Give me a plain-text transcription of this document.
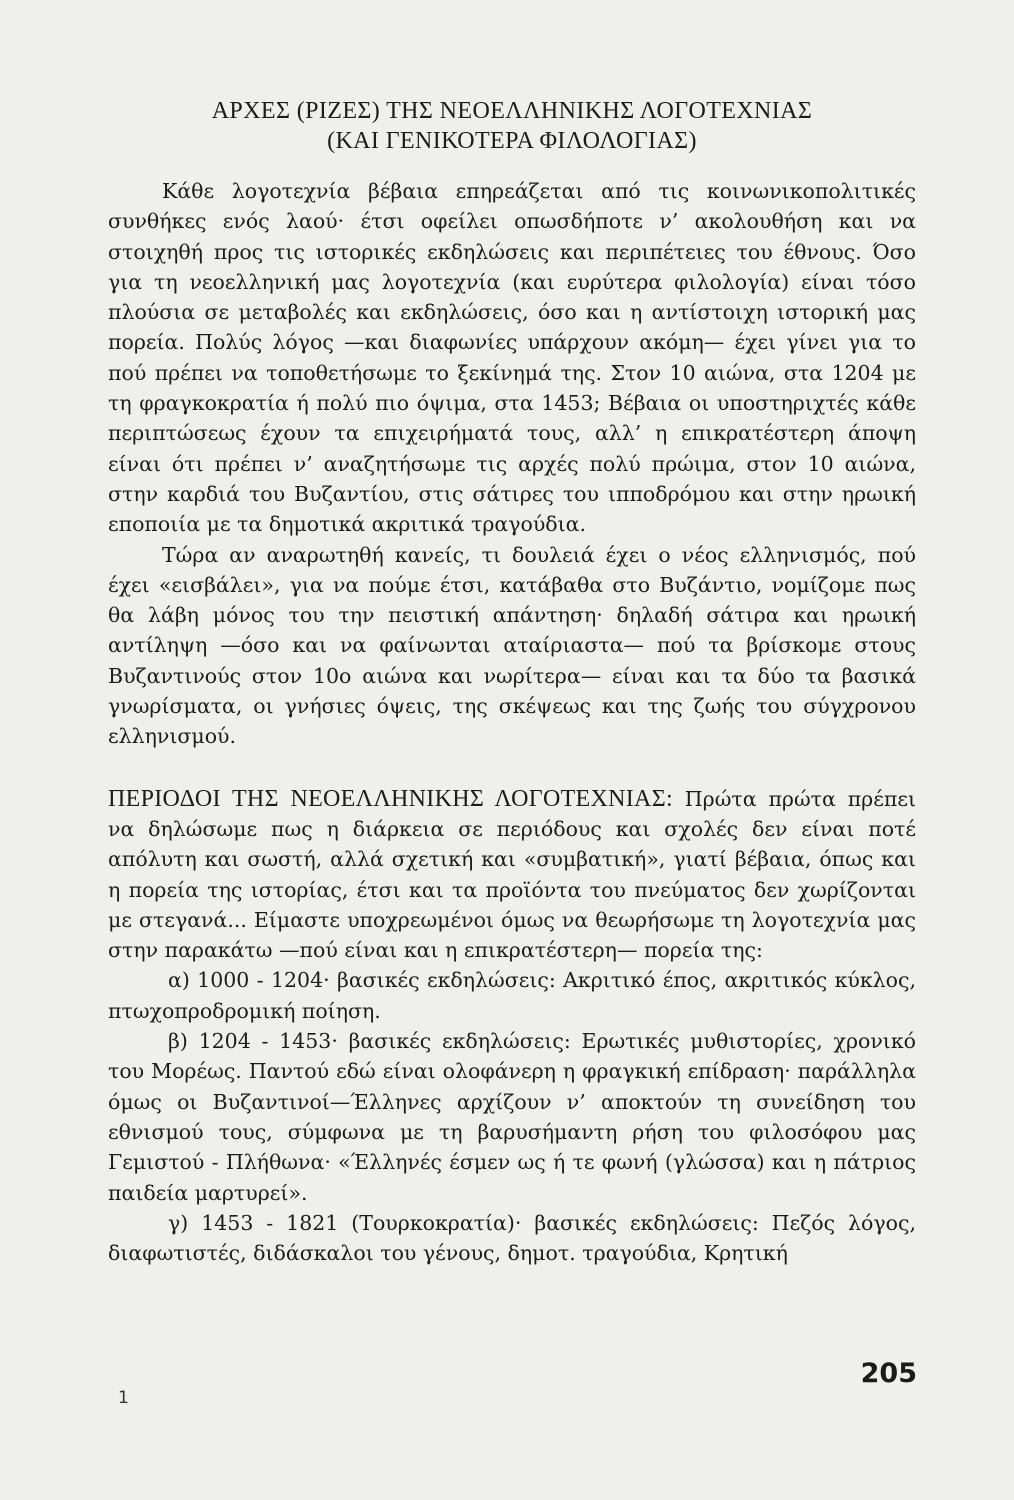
ΑΡΧΕΣ (ΡΙΖΕΣ) ΤΗΣ ΝΕΟΕΛΛΗΝΙΚΗΣ ΛΟΓΟΤΕΧΝΙΑΣ

(ΚΑΙ ΓΕΝΙΚΟΤΕΡΑ ΦΙΛΟΛΟΓΙΑΣ)

Κάθε λογοτεχνία βέβαια επηρεάζεται από τις κοινωνικοπολιτικές συνθήκες ενός λαού· έτσι οφείλει οπωσδήποτε ν’ ακολουθήση και να στοιχηθή προς τις ιστορικές εκδηλώσεις και περιπέτειες του έθνους. Όσο για τη νεοελληνική μας λογοτεχνία (και ευρύτερα φιλολογία) είναι τόσο πλούσια σε μεταβολές και εκδηλώσεις, όσο και η αντίστοιχη ιστορική μας πορεία. Πολύς λόγος —και διαφωνίες υπάρχουν ακόμη— έχει γίνει για το πού πρέπει να τοποθετήσωμε το ξεκίνημά της. Στον 10 αιώνα, στα 1204 με τη φραγκοκρατία ή πολύ πιο όψιμα, στα 1453; Βέβαια οι υποστηριχτές κάθε περιπτώσεως έχουν τα επιχειρήματά τους, αλλ’ η επικρατέστερη άποψη είναι ότι πρέπει ν’ αναζητήσωμε τις αρχές πολύ πρώιμα, στον 10 αιώνα, στην καρδιά του Βυζαντίου, στις σάτιρες του ιπποδρόμου και στην ηρωική εποποιία με τα δημοτικά ακριτικά τραγούδια.

Τώρα αν αναρωτηθή κανείς, τι δουλειά έχει ο νέος ελληνισμός, πού έχει «εισβάλει», για να πούμε έτσι, κατάβαθα στο Βυζάντιο, νομίζομε πως θα λάβη μόνος του την πειστική απάντηση· δηλαδή σάτιρα και ηρωική αντίληψη —όσο και να φαίνωνται αταίριαστα— πού τα βρίσκομε στους Βυζαντινούς στον 10ο αιώνα και νωρίτερα— είναι και τα δύο τα βασικά γνωρίσματα, οι γνήσιες όψεις, της σκέψεως και της ζωής του σύγχρονου ελληνισμού.

ΠΕΡΙΟΔΟΙ ΤΗΣ ΝΕΟΕΛΛΗΝΙΚΗΣ ΛΟΓΟΤΕΧΝΙΑΣ: Πρώτα πρώτα πρέπει να δηλώσωμε πως η διάρκεια σε περιόδους και σχολές δεν είναι ποτέ απόλυτη και σωστή, αλλά σχετική και «συμβατική», γιατί βέβαια, όπως και η πορεία της ιστορίας, έτσι και τα προϊόντα του πνεύματος δεν χωρίζονται με στεγανά... Είμαστε υποχρεωμένοι όμως να θεωρήσωμε τη λογοτεχνία μας στην παρακάτω —πού είναι και η επικρατέστερη— πορεία της:

α) 1000 - 1204· βασικές εκδηλώσεις: Ακριτικό έπος, ακριτικός κύκλος, πτωχοπροδρομική ποίηση.

β) 1204 - 1453· βασικές εκδηλώσεις: Ερωτικές μυθιστορίες, χρονικό του Μορέως. Παντού εδώ είναι ολοφάνερη η φραγκική επίδραση· παράλληλα όμως οι Βυζαντινοί—Έλληνες αρχίζουν ν’ αποκτούν τη συνείδηση του εθνισμού τους, σύμφωνα με τη βαρυσήμαντη ρήση του φιλοσόφου μας Γεμιστού - Πλήθωνα· «Έλληνές έσμεν ως ή τε φωνή (γλώσσα) και η πάτριος παιδεία μαρτυρεί».

γ) 1453 - 1821 (Τουρκοκρατία)· βασικές εκδηλώσεις: Πεζός λόγος, διαφωτιστές, διδάσκαλοι του γένους, δημοτ. τραγούδια, Κρητική

205
1
